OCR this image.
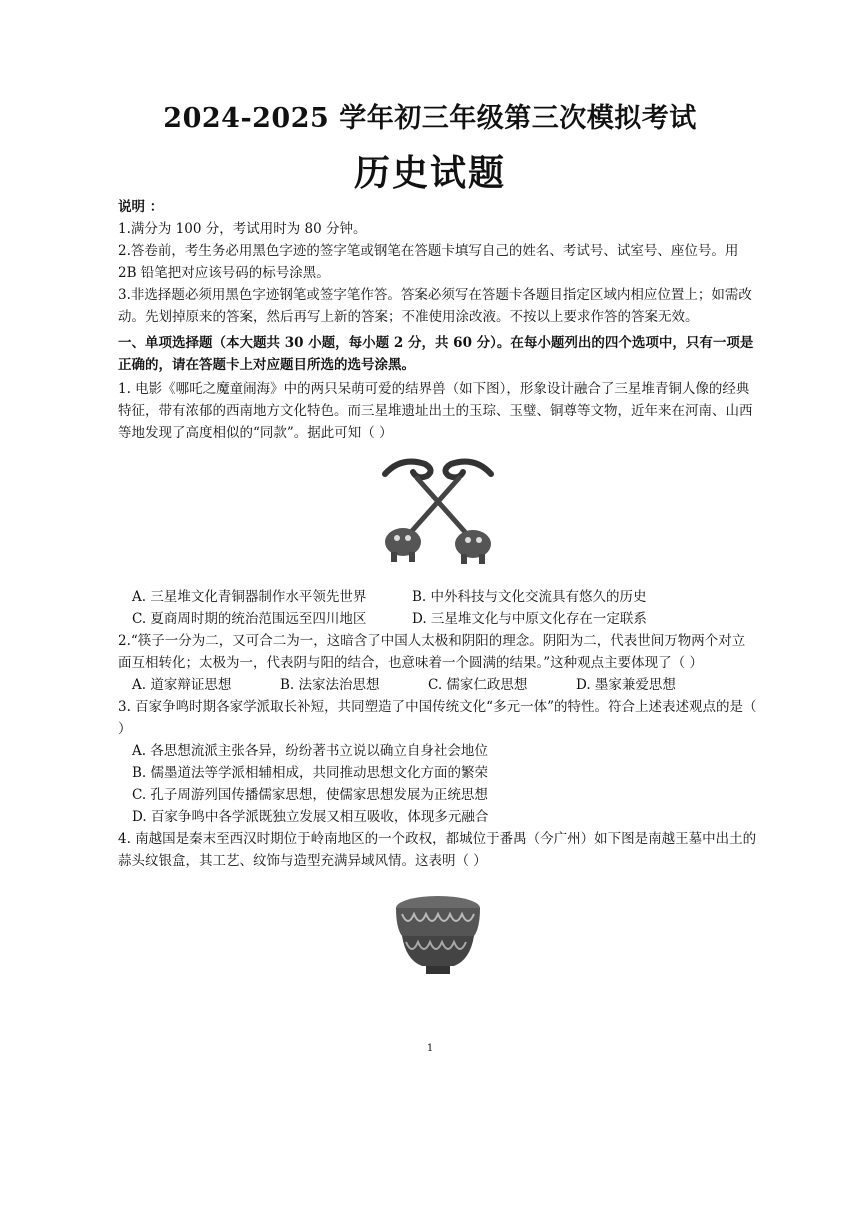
2024-2025 学年初三年级第三次模拟考试
历史试题

说明 ：

1.满分为 100 分，考试用时为 80 分钟。

2.答卷前，考生务必用黑色字迹的签字笔或钢笔在答题卡填写自己的姓名、考试号、试室号、座位号。用 2B 铅笔把对应该号码的标号涂黑。

3.非选择题必须用黑色字迹钢笔或签字笔作答。答案必须写在答题卡各题目指定区域内相应位置上；如需改动。先划掉原来的答案，然后再写上新的答案；不准使用涂改液。不按以上要求作答的答案无效。

一、单项选择题（本大题共 30 小题，每小题 2 分，共 60 分）。在每小题列出的四个选项中，只有一项是正确的，请在答题卡上对应题目所选的选号涂黑。

1. 电影《哪吒之魔童闹海》中的两只呆萌可爱的结界兽（如下图），形象设计融合了三星堆青铜人像的经典特征，带有浓郁的西南地方文化特色。而三星堆遗址出土的玉琮、玉璧、铜尊等文物，近年来在河南、山西等地发现了高度相似的“同款”。据此可知（ ）

A. 三星堆文化青铜器制作水平领先世界	B. 中外科技与文化交流具有悠久的历史
C. 夏商周时期的统治范围远至四川地区	D. 三星堆文化与中原文化存在一定联系

2.“筷子一分为二，又可合二为一，这暗含了中国人太极和阴阳的理念。阴阳为二，代表世间万物两个对立面互相转化；太极为一，代表阴与阳的结合，也意味着一个圆满的结果。”这种观点主要体现了（ ）

A. 道家辩证思想	B. 法家法治思想	C. 儒家仁政思想	D. 墨家兼爱思想

3. 百家争鸣时期各家学派取长补短，共同塑造了中国传统文化“多元一体”的特性。符合上述表述观点的是（ ）

A. 各思想流派主张各异，纷纷著书立说以确立自身社会地位

B. 儒墨道法等学派相辅相成，共同推动思想文化方面的繁荣

C. 孔子周游列国传播儒家思想，使儒家思想发展为正统思想

D. 百家争鸣中各学派既独立发展又相互吸收，体现多元融合

4. 南越国是秦末至西汉时期位于岭南地区的一个政权，都城位于番禺（今广州）如下图是南越王墓中出土的蒜头纹银盒，其工艺、纹饰与造型充满异域风情。这表明（ ）

1
